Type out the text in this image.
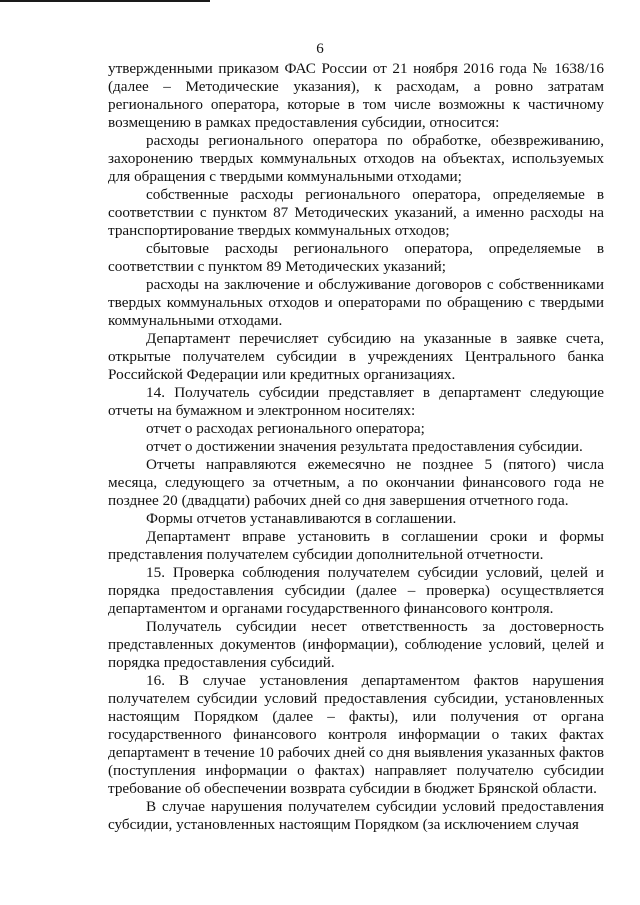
6

утвержденными приказом ФАС России от 21 ноября 2016 года № 1638/16 (далее – Методические указания), к расходам, а ровно затратам регионального оператора, которые в том числе возможны к частичному возмещению в рамках предоставления субсидии, относится:

расходы регионального оператора по обработке, обезвреживанию, захоронению твердых коммунальных отходов на объектах, используемых для обращения с твердыми коммунальными отходами;

собственные расходы регионального оператора, определяемые в соответствии с пунктом 87 Методических указаний, а именно расходы на транспортирование твердых коммунальных отходов;

сбытовые расходы регионального оператора, определяемые в соответствии с пунктом 89 Методических указаний;

расходы на заключение и обслуживание договоров с собственниками твердых коммунальных отходов и операторами по обращению с твердыми коммунальными отходами.

Департамент перечисляет субсидию на указанные в заявке счета, открытые получателем субсидии в учреждениях Центрального банка Российской Федерации или кредитных организациях.

14. Получатель субсидии представляет в департамент следующие отчеты на бумажном и электронном носителях:

отчет о расходах регионального оператора;

отчет о достижении значения результата предоставления субсидии.

Отчеты направляются ежемесячно не позднее 5 (пятого) числа месяца, следующего за отчетным, а по окончании финансового года не позднее 20 (двадцати) рабочих дней со дня завершения отчетного года.

Формы отчетов устанавливаются в соглашении.

Департамент вправе установить в соглашении сроки и формы представления получателем субсидии дополнительной отчетности.

15. Проверка соблюдения получателем субсидии условий, целей и порядка предоставления субсидии (далее – проверка) осуществляется департаментом и органами государственного финансового контроля.

Получатель субсидии несет ответственность за достоверность представленных документов (информации), соблюдение условий, целей и порядка предоставления субсидий.

16. В случае установления департаментом фактов нарушения получателем субсидии условий предоставления субсидии, установленных настоящим Порядком (далее – факты), или получения от органа государственного финансового контроля информации о таких фактах департамент в течение 10 рабочих дней со дня выявления указанных фактов (поступления информации о фактах) направляет получателю субсидии требование об обеспечении возврата субсидии в бюджет Брянской области.

В случае нарушения получателем субсидии условий предоставления субсидии, установленных настоящим Порядком (за исключением случая
